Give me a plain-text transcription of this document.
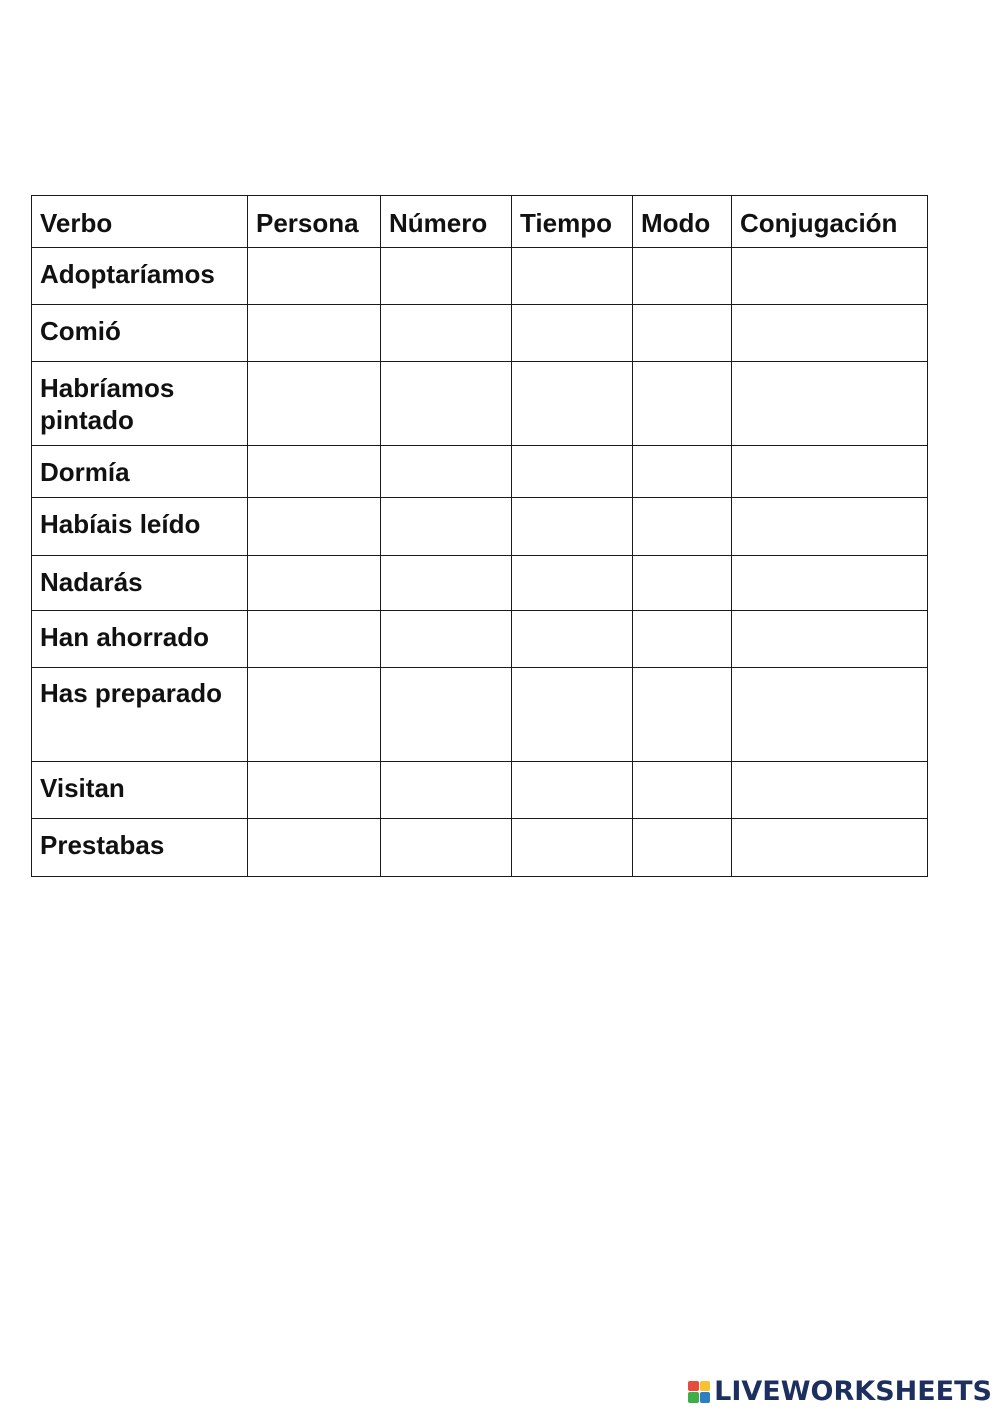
Verbo	Persona	Número	Tiempo	Modo	Conjugación
Adoptaríamos					
Comió					
Habríamos pintado					
Dormía					
Habíais leído					
Nadarás					
Han ahorrado					
Has preparado					
Visitan					
Prestabas					
LIVEWORKSHEETS
